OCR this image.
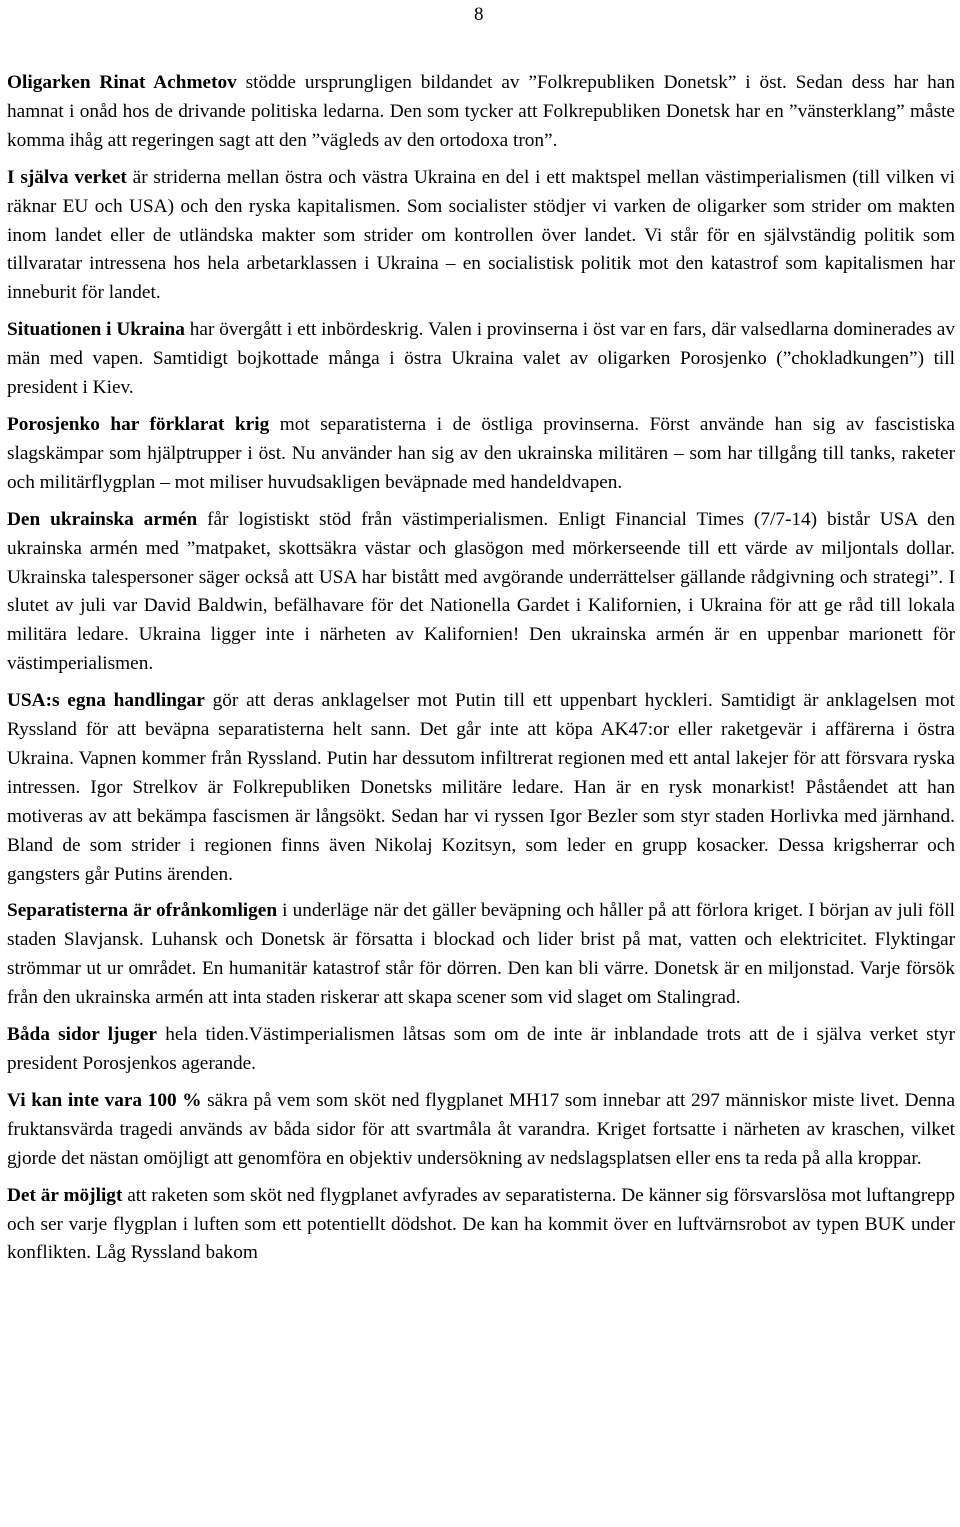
8

Oligarken Rinat Achmetov stödde ursprungligen bildandet av ”Folkrepubliken Donetsk” i öst. Sedan dess har han hamnat i onåd hos de drivande politiska ledarna. Den som tycker att Folkrepubliken Donetsk har en ”vänsterklang” måste komma ihåg att regeringen sagt att den ”vägleds av den ortodoxa tron”.

I själva verket är striderna mellan östra och västra Ukraina en del i ett maktspel mellan västimperialismen (till vilken vi räknar EU och USA) och den ryska kapitalismen. Som socialister stödjer vi varken de oligarker som strider om makten inom landet eller de utländska makter som strider om kontrollen över landet. Vi står för en självständig politik som tillvaratar intressena hos hela arbetarklassen i Ukraina – en socialistisk politik mot den katastrof som kapitalismen har inneburit för landet.

Situationen i Ukraina har övergått i ett inbördeskrig. Valen i provinserna i öst var en fars, där valsedlarna dominerades av män med vapen. Samtidigt bojkottade många i östra Ukraina valet av oligarken Porosjenko (”chokladkungen”) till president i Kiev.

Porosjenko har förklarat krig mot separatisterna i de östliga provinserna. Först använde han sig av fascistiska slagskämpar som hjälptrupper i öst. Nu använder han sig av den ukrainska militären – som har tillgång till tanks, raketer och militärflygplan – mot miliser huvudsakligen beväpnade med handeldvapen.

Den ukrainska armén får logistiskt stöd från västimperialismen. Enligt Financial Times (7/7-14) bistår USA den ukrainska armén med ”matpaket, skottsäkra västar och glasögon med mörkerseende till ett värde av miljontals dollar. Ukrainska talespersoner säger också att USA har bistått med avgörande underrättelser gällande rådgivning och strategi”. I slutet av juli var David Baldwin, befälhavare för det Nationella Gardet i Kalifornien, i Ukraina för att ge råd till lokala militära ledare. Ukraina ligger inte i närheten av Kalifornien! Den ukrainska armén är en uppenbar marionett för västimperialismen.

USA:s egna handlingar gör att deras anklagelser mot Putin till ett uppenbart hyckleri. Samtidigt är anklagelsen mot Ryssland för att beväpna separatisterna helt sann. Det går inte att köpa AK47:or eller raketgevär i affärerna i östra Ukraina. Vapnen kommer från Ryssland. Putin har dessutom infiltrerat regionen med ett antal lakejer för att försvara ryska intressen. Igor Strelkov är Folkrepubliken Donetsks militäre ledare. Han är en rysk monarkist! Påståendet att han motiveras av att bekämpa fascismen är långsökt. Sedan har vi ryssen Igor Bezler som styr staden Horlivka med järnhand. Bland de som strider i regionen finns även Nikolaj Kozitsyn, som leder en grupp kosacker. Dessa krigsherrar och gangsters går Putins ärenden.

Separatisterna är ofrånkomligen i underläge när det gäller beväpning och håller på att förlora kriget. I början av juli föll staden Slavjansk. Luhansk och Donetsk är försatta i blockad och lider brist på mat, vatten och elektricitet. Flyktingar strömmar ut ur området. En humanitär katastrof står för dörren. Den kan bli värre. Donetsk är en miljonstad. Varje försök från den ukrainska armén att inta staden riskerar att skapa scener som vid slaget om Stalingrad.

Båda sidor ljuger hela tiden.Västimperialismen låtsas som om de inte är inblandade trots att de i själva verket styr president Porosjenkos agerande.

Vi kan inte vara 100 % säkra på vem som sköt ned flygplanet MH17 som innebar att 297 människor miste livet. Denna fruktansvärda tragedi används av båda sidor för att svartmåla åt varandra. Kriget fortsatte i närheten av kraschen, vilket gjorde det nästan omöjligt att genomföra en objektiv undersökning av nedslagsplatsen eller ens ta reda på alla kroppar.

Det är möjligt att raketen som sköt ned flygplanet avfyrades av separatisterna. De känner sig försvarslösa mot luftangrepp och ser varje flygplan i luften som ett potentiellt dödshot. De kan ha kommit över en luftvärnsrobot av typen BUK under konflikten. Låg Ryssland bakom
